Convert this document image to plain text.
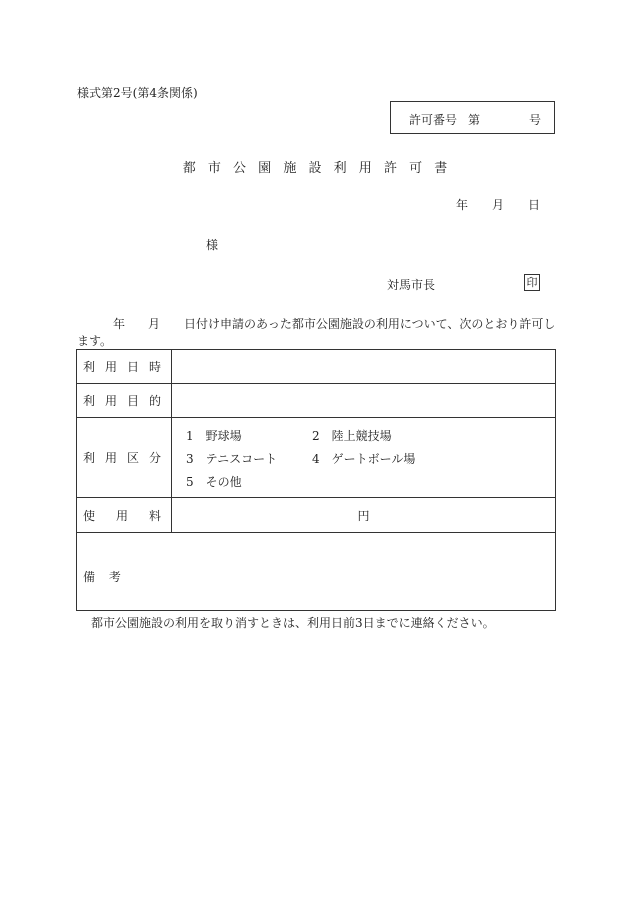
様式第2号(第4条関係)
許可番号 第	号
都 市 公 園 施 設 利 用 許 可 書
年 月 日
様
対馬市長	印
年 月 日付け申請のあった都市公園施設の利用について、次のとおり許可し
ます。
利 用 日 時	

利 用 目 的	

利 用 区 分	1　野球場 2　陸上競技場
3　テニスコート 4　ゲートボール場
5　その他

使 用 料	円

備 考	
都市公園施設の利用を取り消すときは、利用日前3日までに連絡ください。
